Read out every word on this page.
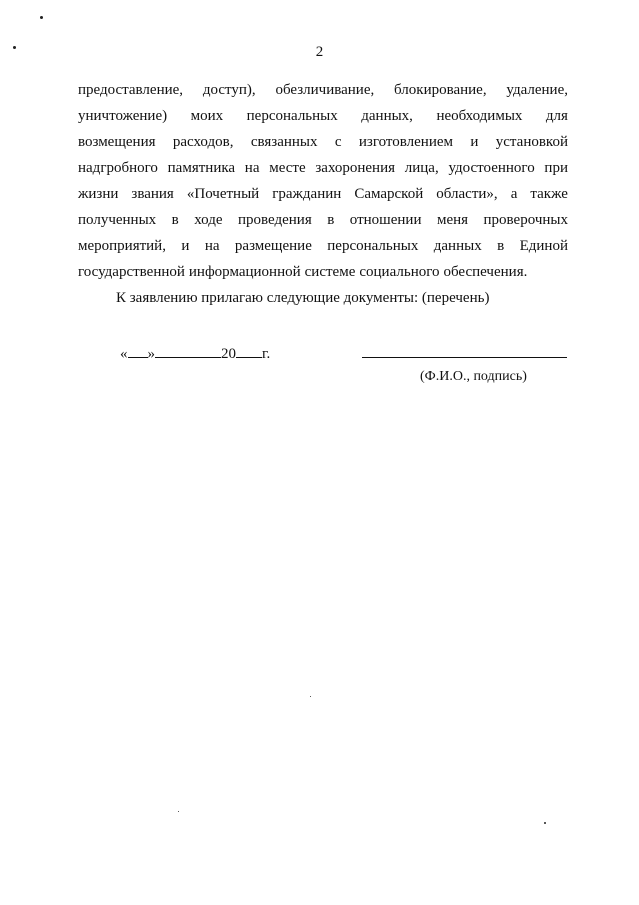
2
предоставление, доступ), обезличивание, блокирование, удаление,
уничтожение) моих персональных данных, необходимых для
возмещения расходов, связанных с изготовлением и установкой
надгробного памятника на месте захоронения лица, удостоенного при
жизни звания «Почетный гражданин Самарской области», а также
полученных в ходе проведения в отношении меня проверочных
мероприятий, и на размещение персональных данных в Единой
государственной информационной системе социального обеспечения.
К заявлению прилагаю следующие документы: (перечень)
« »	20 г.
(Ф.И.О., подпись)
